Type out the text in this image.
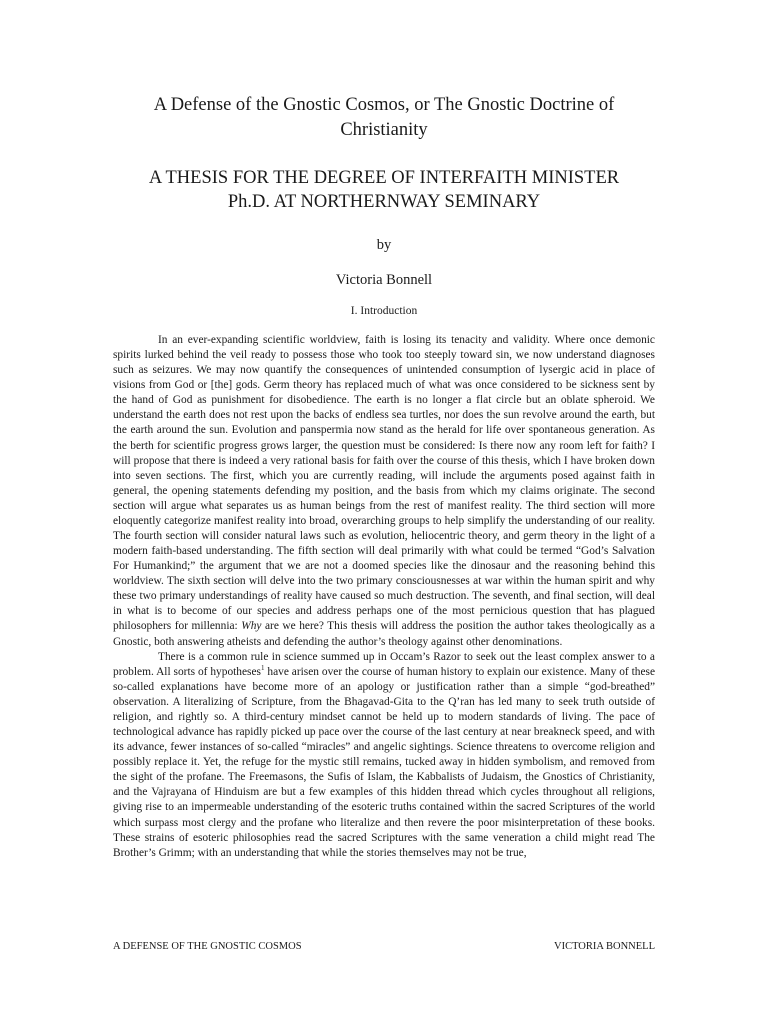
A Defense of the Gnostic Cosmos, or The Gnostic Doctrine of
Christianity
A THESIS FOR THE DEGREE OF INTERFAITH MINISTER
Ph.D. AT NORTHERNWAY SEMINARY
by
Victoria Bonnell
I. Introduction

In an ever-expanding scientific worldview, faith is losing its tenacity and validity. Where once demonic spirits lurked behind the veil ready to possess those who took too steeply toward sin, we now understand diagnoses such as seizures. We may now quantify the consequences of unintended consumption of lysergic acid in place of visions from God or [the] gods. Germ theory has replaced much of what was once considered to be sickness sent by the hand of God as punishment for disobedience. The earth is no longer a flat circle but an oblate spheroid. We understand the earth does not rest upon the backs of endless sea turtles, nor does the sun revolve around the earth, but the earth around the sun. Evolution and panspermia now stand as the herald for life over spontaneous generation. As the berth for scientific progress grows larger, the question must be considered: Is there now any room left for faith? I will propose that there is indeed a very rational basis for faith over the course of this thesis, which I have broken down into seven sections. The first, which you are currently reading, will include the arguments posed against faith in general, the opening statements defending my position, and the basis from which my claims originate. The second section will argue what separates us as human beings from the rest of manifest reality. The third section will more eloquently categorize manifest reality into broad, overarching groups to help simplify the understanding of our reality. The fourth section will consider natural laws such as evolution, heliocentric theory, and germ theory in the light of a modern faith-based understanding. The fifth section will deal primarily with what could be termed “God’s Salvation For Humankind;” the argument that we are not a doomed species like the dinosaur and the reasoning behind this worldview. The sixth section will delve into the two primary consciousnesses at war within the human spirit and why these two primary understandings of reality have caused so much destruction. The seventh, and final section, will deal in what is to become of our species and address perhaps one of the most pernicious question that has plagued philosophers for millennia: Why are we here? This thesis will address the position the author takes theologically as a Gnostic, both answering atheists and defending the author’s theology against other denominations.

There is a common rule in science summed up in Occam’s Razor to seek out the least complex answer to a problem. All sorts of hypotheses$^1$ have arisen over the course of human history to explain our existence. Many of these so-called explanations have become more of an apology or justification rather than a simple “god-breathed” observation. A literalizing of Scripture, from the Bhagavad-Gita to the Q’ran has led many to seek truth outside of religion, and rightly so. A third-century mindset cannot be held up to modern standards of living. The pace of technological advance has rapidly picked up pace over the course of the last century at near breakneck speed, and with its advance, fewer instances of so-called “miracles” and angelic sightings. Science threatens to overcome religion and possibly replace it. Yet, the refuge for the mystic still remains, tucked away in hidden symbolism, and removed from the sight of the profane. The Freemasons, the Sufis of Islam, the Kabbalists of Judaism, the Gnostics of Christianity, and the Vajrayana of Hinduism are but a few examples of this hidden thread which cycles throughout all religions, giving rise to an impermeable understanding of the esoteric truths contained within the sacred Scriptures of the world which surpass most clergy and the profane who literalize and then revere the poor misinterpretation of these books. These strains of esoteric philosophies read the sacred Scriptures with the same veneration a child might read The Brother’s Grimm; with an understanding that while the stories themselves may not be true,

A DEFENSE OF THE GNOSTIC COSMOS	VICTORIA BONNELL
